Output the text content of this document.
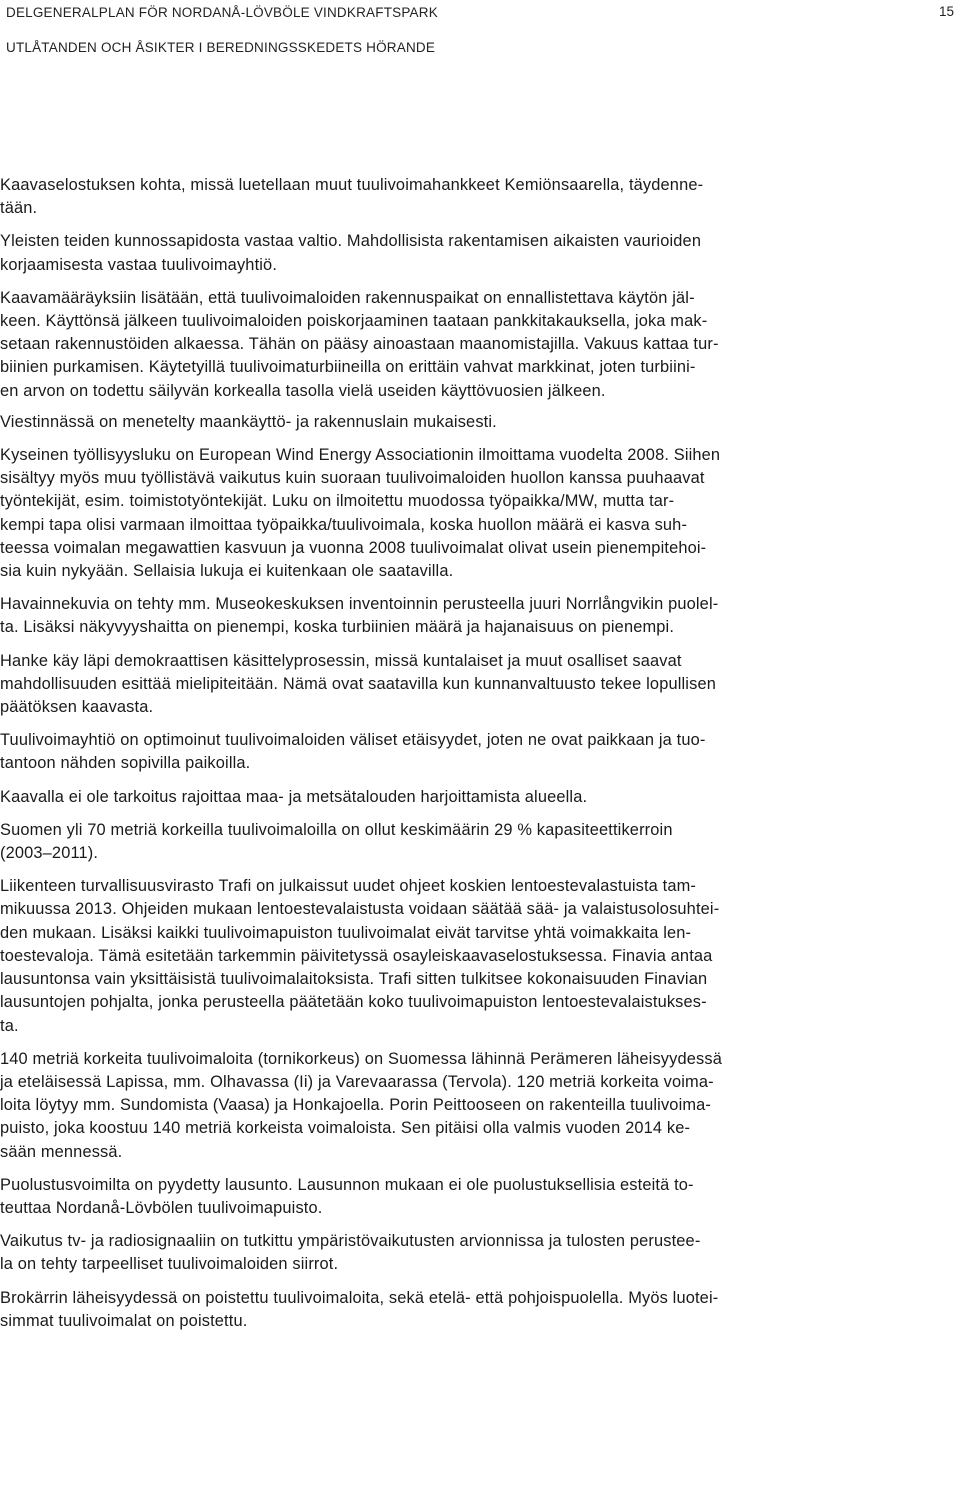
DELGENERALPLAN FÖR NORDANÅ-LÖVBÖLE VINDKRAFTSPARK	15
UTLÅTANDEN OCH ÅSIKTER I BEREDNINGSSKEDETS HÖRANDE

Kaavaselostuksen kohta, missä luetellaan muut tuulivoimahankkeet Kemiönsaarella, täydenne-
tään.

Yleisten teiden kunnossapidosta vastaa valtio. Mahdollisista rakentamisen aikaisten vaurioiden
korjaamisesta vastaa tuulivoimayhtiö.

Kaavamääräyksiin lisätään, että tuulivoimaloiden rakennuspaikat on ennallistettava käytön jäl-
keen. Käyttönsä jälkeen tuulivoimaloiden poiskorjaaminen taataan pankkitakauksella, joka mak-
setaan rakennustöiden alkaessa. Tähän on pääsy ainoastaan maanomistajilla. Vakuus kattaa tur-
biinien purkamisen. Käytetyillä tuulivoimaturbiineilla on erittäin vahvat markkinat, joten turbiini-
en arvon on todettu säilyvän korkealla tasolla vielä useiden käyttövuosien jälkeen.

Viestinnässä on menetelty maankäyttö- ja rakennuslain mukaisesti.

Kyseinen työllisyysluku on European Wind Energy Associationin ilmoittama vuodelta 2008. Siihen
sisältyy myös muu työllistävä vaikutus kuin suoraan tuulivoimaloiden huollon kanssa puuhaavat
työntekijät, esim. toimistotyöntekijät. Luku on ilmoitettu muodossa työpaikka/MW, mutta tar-
kempi tapa olisi varmaan ilmoittaa työpaikka/tuulivoimala, koska huollon määrä ei kasva suh-
teessa voimalan megawattien kasvuun ja vuonna 2008 tuulivoimalat olivat usein pienempitehoi-
sia kuin nykyään. Sellaisia lukuja ei kuitenkaan ole saatavilla.

Havainnekuvia on tehty mm. Museokeskuksen inventoinnin perusteella juuri Norrlångvikin puolel-
ta. Lisäksi näkyvyyshaitta on pienempi, koska turbiinien määrä ja hajanaisuus on pienempi.

Hanke käy läpi demokraattisen käsittelyprosessin, missä kuntalaiset ja muut osalliset saavat
mahdollisuuden esittää mielipiteitään. Nämä ovat saatavilla kun kunnanvaltuusto tekee lopullisen
päätöksen kaavasta.

Tuulivoimayhtiö on optimoinut tuulivoimaloiden väliset etäisyydet, joten ne ovat paikkaan ja tuo-
tantoon nähden sopivilla paikoilla.

Kaavalla ei ole tarkoitus rajoittaa maa- ja metsätalouden harjoittamista alueella.

Suomen yli 70 metriä korkeilla tuulivoimaloilla on ollut keskimäärin 29 % kapasiteettikerroin
(2003–2011).

Liikenteen turvallisuusvirasto Trafi on julkaissut uudet ohjeet koskien lentoestevalastuista tam-
mikuussa 2013. Ohjeiden mukaan lentoestevalaistusta voidaan säätää sää- ja valaistusolosuhtei-
den mukaan. Lisäksi kaikki tuulivoimapuiston tuulivoimalat eivät tarvitse yhtä voimakkaita len-
toestevaloja. Tämä esitetään tarkemmin päivitetyssä osayleiskaavaselostuksessa. Finavia antaa
lausuntonsa vain yksittäisistä tuulivoimalaitoksista. Trafi sitten tulkitsee kokonaisuuden Finavian
lausuntojen pohjalta, jonka perusteella päätetään koko tuulivoimapuiston lentoestevalaistukses-
ta.

140 metriä korkeita tuulivoimaloita (tornikorkeus) on Suomessa lähinnä Perämeren läheisyydessä
ja eteläisessä Lapissa, mm. Olhavassa (Ii) ja Varevaarassa (Tervola). 120 metriä korkeita voima-
loita löytyy mm. Sundomista (Vaasa) ja Honkajoella. Porin Peittooseen on rakenteilla tuulivoima-
puisto, joka koostuu 140 metriä korkeista voimaloista. Sen pitäisi olla valmis vuoden 2014 ke-
sään mennessä.

Puolustusvoimilta on pyydetty lausunto. Lausunnon mukaan ei ole puolustuksellisia esteitä to-
teuttaa Nordanå-Lövbölen tuulivoimapuisto.

Vaikutus tv- ja radiosignaaliin on tutkittu ympäristövaikutusten arvionnissa ja tulosten perustee-
la on tehty tarpeelliset tuulivoimaloiden siirrot.

Brokärrin läheisyydessä on poistettu tuulivoimaloita, sekä etelä- että pohjoispuolella. Myös luotei-
simmat tuulivoimalat on poistettu.
